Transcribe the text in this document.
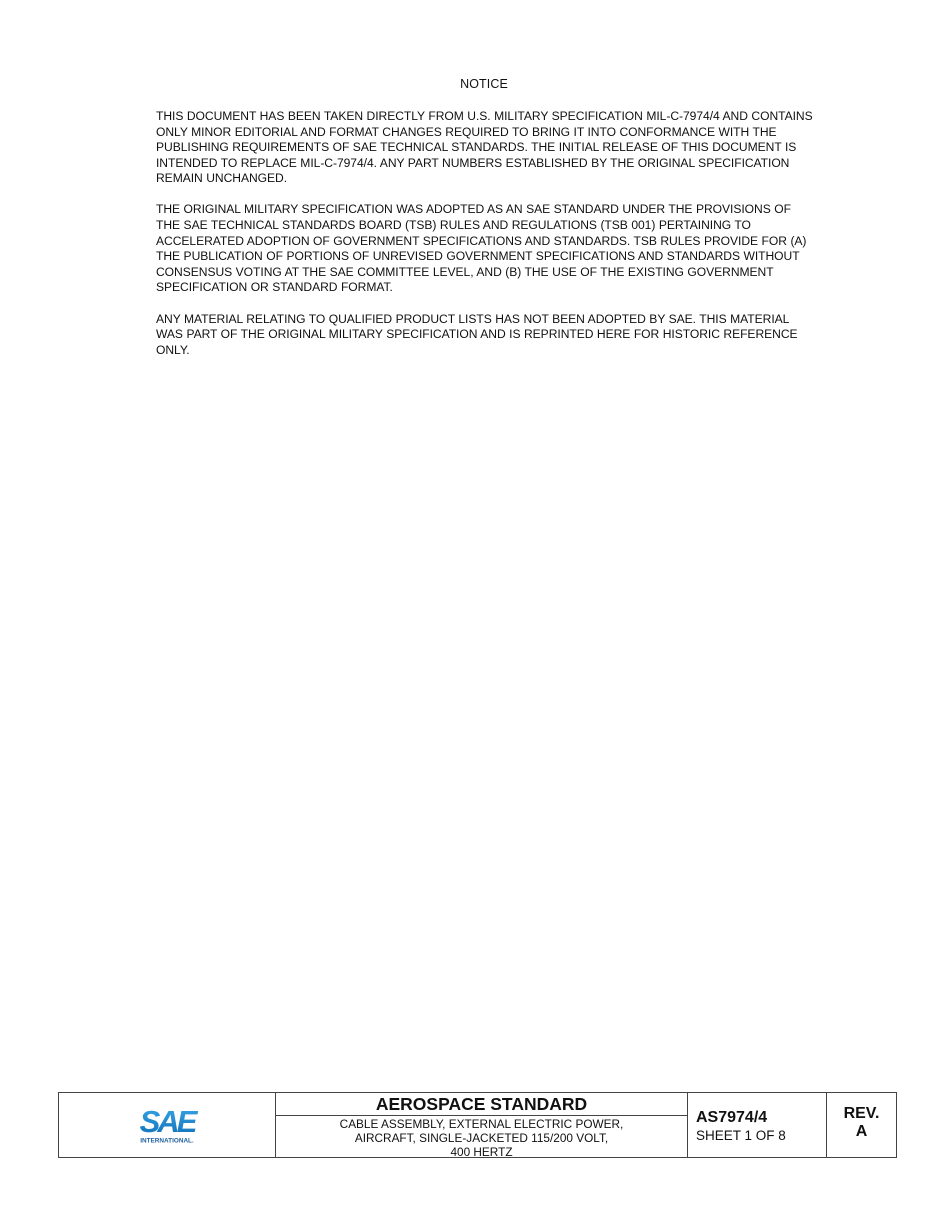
NOTICE

THIS DOCUMENT HAS BEEN TAKEN DIRECTLY FROM U.S. MILITARY SPECIFICATION MIL-C-7974/4 AND CONTAINS ONLY MINOR EDITORIAL AND FORMAT CHANGES REQUIRED TO BRING IT INTO CONFORMANCE WITH THE PUBLISHING REQUIREMENTS OF SAE TECHNICAL STANDARDS. THE INITIAL RELEASE OF THIS DOCUMENT IS INTENDED TO REPLACE MIL-C-7974/4. ANY PART NUMBERS ESTABLISHED BY THE ORIGINAL SPECIFICATION REMAIN UNCHANGED.

THE ORIGINAL MILITARY SPECIFICATION WAS ADOPTED AS AN SAE STANDARD UNDER THE PROVISIONS OF THE SAE TECHNICAL STANDARDS BOARD (TSB) RULES AND REGULATIONS (TSB 001) PERTAINING TO ACCELERATED ADOPTION OF GOVERNMENT SPECIFICATIONS AND STANDARDS. TSB RULES PROVIDE FOR (A) THE PUBLICATION OF PORTIONS OF UNREVISED GOVERNMENT SPECIFICATIONS AND STANDARDS WITHOUT CONSENSUS VOTING AT THE SAE COMMITTEE LEVEL, AND (B) THE USE OF THE EXISTING GOVERNMENT SPECIFICATION OR STANDARD FORMAT.

ANY MATERIAL RELATING TO QUALIFIED PRODUCT LISTS HAS NOT BEEN ADOPTED BY SAE. THIS MATERIAL WAS PART OF THE ORIGINAL MILITARY SPECIFICATION AND IS REPRINTED HERE FOR HISTORIC REFERENCE ONLY.

SAE
INTERNATIONAL.
AEROSPACE STANDARD
CABLE ASSEMBLY, EXTERNAL ELECTRIC POWER,
AIRCRAFT, SINGLE-JACKETED 115/200 VOLT,
400 HERTZ
AS7974/4
SHEET 1 OF 8
REV.
A
